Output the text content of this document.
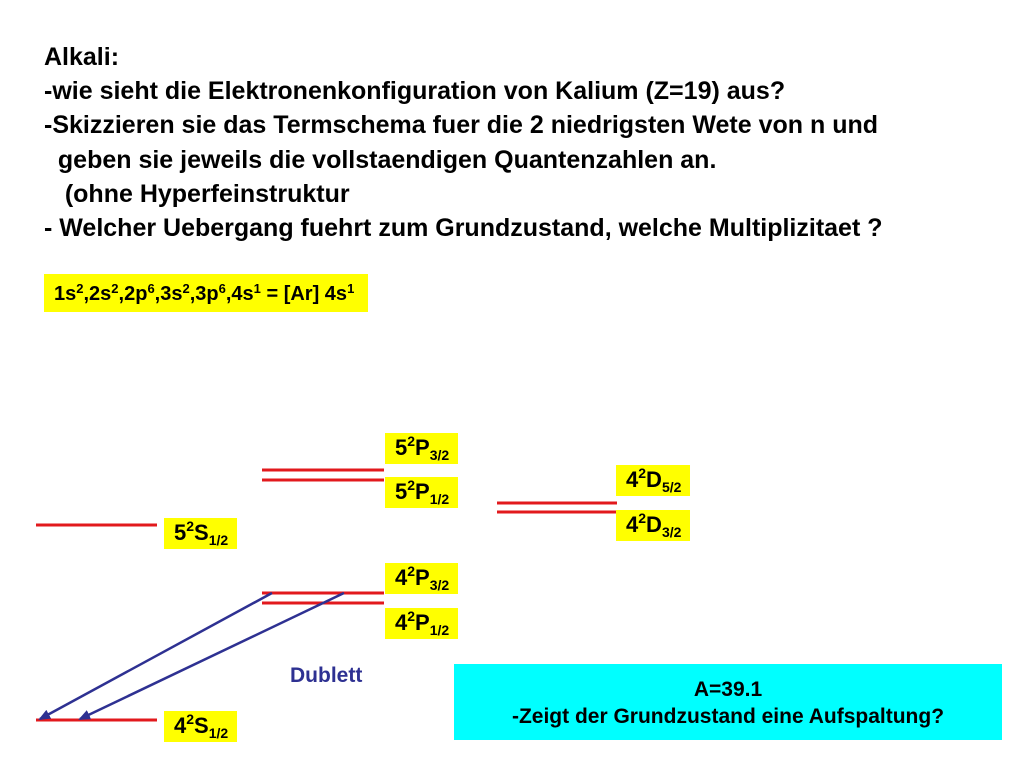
Alkali:
-wie sieht die Elektronenkonfiguration von Kalium (Z=19) aus?
-Skizzieren sie das Termschema fuer die 2 niedrigsten Wete von n und
geben sie jeweils die vollstaendigen Quantenzahlen an.
(ohne Hyperfeinstruktur
- Welcher Uebergang fuehrt zum Grundzustand, welche Multiplizitaet ?
$1s^2,2s^2,2p^6,3s^2,3p^6,4s^1 = [Ar]$ $4s^1$
$5^2P_{3/2}$
$5^2P_{1/2}$
$4^2D_{5/2}$
$4^2D_{3/2}$
$5^2S_{1/2}$
$4^2P_{3/2}$
$4^2P_{1/2}$
$4^2S_{1/2}$
Dublett
A=39.1
-Zeigt der Grundzustand eine Aufspaltung?
